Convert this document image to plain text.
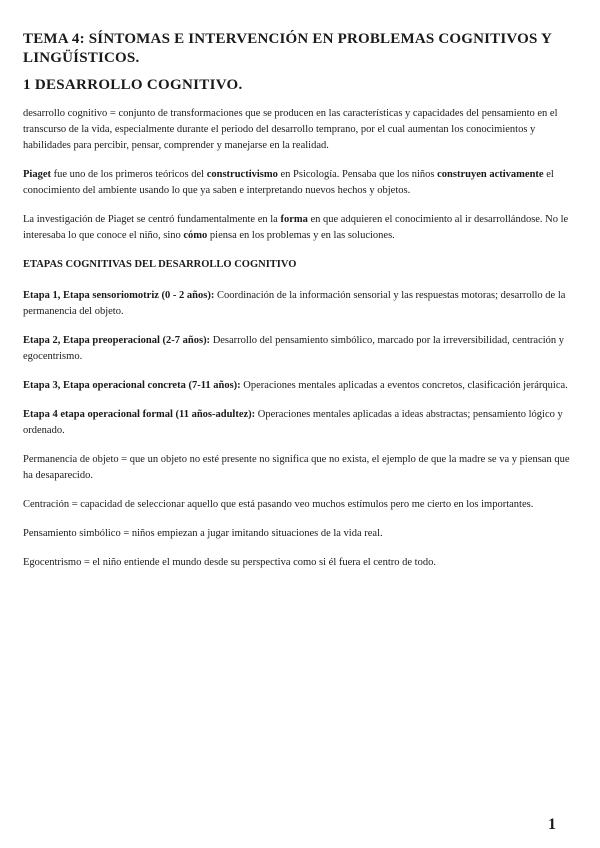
TEMA 4: SÍNTOMAS E INTERVENCIÓN EN PROBLEMAS COGNITIVOS Y LINGÜÍSTICOS.
1 DESARROLLO COGNITIVO.

desarrollo cognitivo = conjunto de transformaciones que se producen en las características y capacidades del pensamiento en el transcurso de la vida, especialmente durante el periodo del desarrollo temprano, por el cual aumentan los conocimientos y habilidades para percibir, pensar, comprender y manejarse en la realidad.

Piaget fue uno de los primeros teóricos del constructivismo en Psicología. Pensaba que los niños construyen activamente el conocimiento del ambiente usando lo que ya saben e interpretando nuevos hechos y objetos.

La investigación de Piaget se centró fundamentalmente en la forma en que adquieren el conocimiento al ir desarrollándose. No le interesaba lo que conoce el niño, sino cómo piensa en los problemas y en las soluciones.

ETAPAS COGNITIVAS DEL DESARROLLO COGNITIVO

Etapa 1, Etapa sensoriomotriz (0 - 2 años): Coordinación de la información sensorial y las respuestas motoras; desarrollo de la permanencia del objeto.

Etapa 2, Etapa preoperacional (2-7 años): Desarrollo del pensamiento simbólico, marcado por la irreversibilidad, centración y egocentrismo.

Etapa 3, Etapa operacional concreta (7-11 años): Operaciones mentales aplicadas a eventos concretos, clasificación jerárquica.

Etapa 4 etapa operacional formal (11 años-adultez): Operaciones mentales aplicadas a ideas abstractas; pensamiento lógico y ordenado.

Permanencia de objeto = que un objeto no esté presente no significa que no exista, el ejemplo de que la madre se va y piensan que ha desaparecido.

Centración = capacidad de seleccionar aquello que está pasando veo muchos estímulos pero me cierto en los importantes.

Pensamiento simbólico = niños empiezan a jugar imitando situaciones de la vida real.

Egocentrismo = el niño entiende el mundo desde su perspectiva como si él fuera el centro de todo.

1
